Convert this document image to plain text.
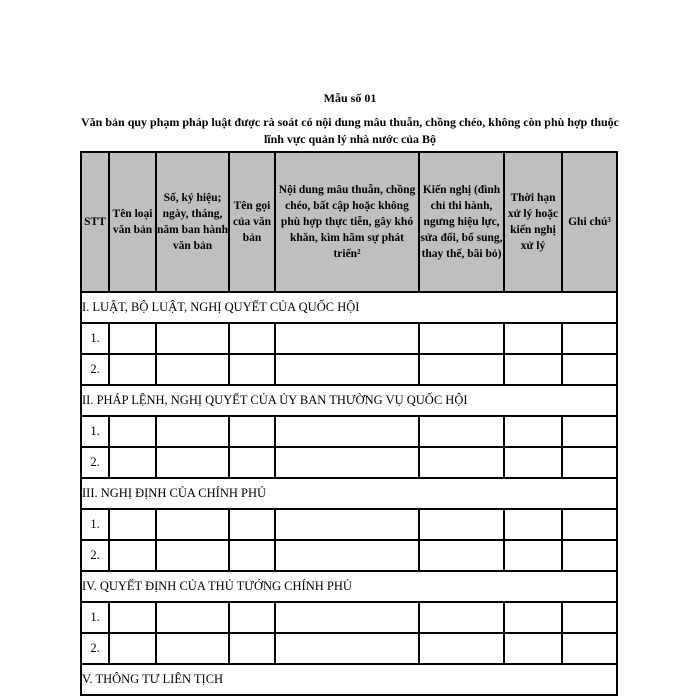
Mẫu số 01
Văn bản quy phạm pháp luật được rà soát có nội dung mâu thuẫn, chồng chéo, không còn phù hợp thuộc lĩnh vực quản lý nhà nước của Bộ
STT	Tên loại văn bản	Số, ký hiệu; ngày, tháng, năm ban hành văn bản	Tên gọi của văn bản	Nội dung mâu thuẫn, chồng chéo, bất cập hoặc không phù hợp thực tiễn, gây khó khăn, kìm hãm sự phát triển²	Kiến nghị (đình chỉ thi hành, ngưng hiệu lực, sửa đổi, bổ sung, thay thế, bãi bỏ)	Thời hạn xử lý hoặc kiến nghị xử lý	Ghi chú³
I. LUẬT, BỘ LUẬT, NGHỊ QUYẾT CỦA QUỐC HỘI							
1.							
2.							
II. PHÁP LỆNH, NGHỊ QUYẾT CỦA ỦY BAN THƯỜNG VỤ QUỐC HỘI							
1.							
2.							
III. NGHỊ ĐỊNH CỦA CHÍNH PHỦ							
1.							
2.							
IV. QUYẾT ĐỊNH CỦA THỦ TƯỚNG CHÍNH PHỦ							
1.							
2.							
V. THÔNG TƯ LIÊN TỊCH							
